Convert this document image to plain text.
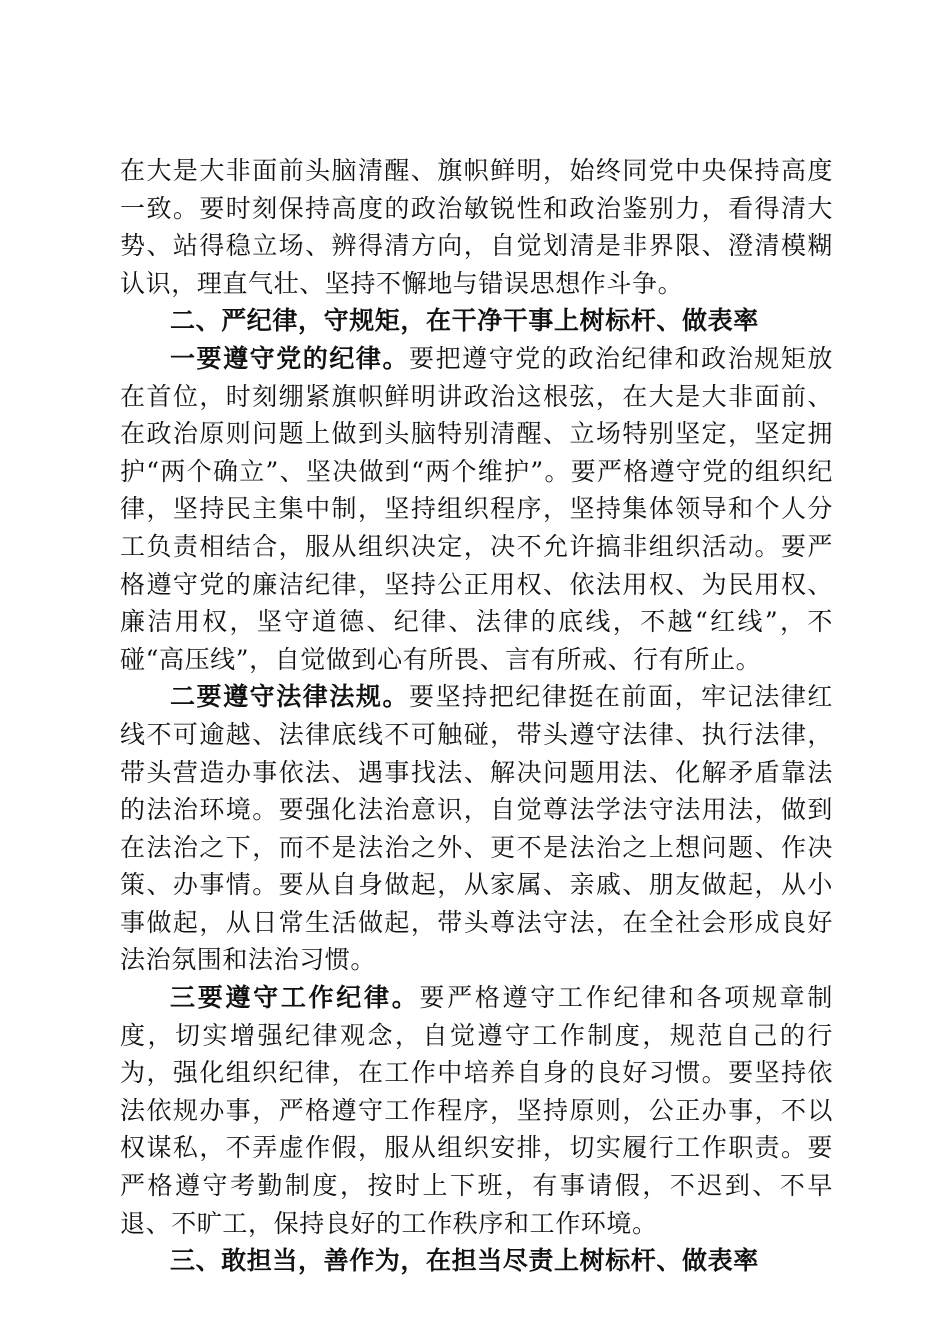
在大是大非面前头脑清醒、旗帜鲜明，始终同党中央保持高度一致。要时刻保持高度的政治敏锐性和政治鉴别力，看得清大势、站得稳立场、辨得清方向，自觉划清是非界限、澄清模糊认识，理直气壮、坚持不懈地与错误思想作斗争。

二、严纪律，守规矩，在干净干事上树标杆、做表率

一要遵守党的纪律。要把遵守党的政治纪律和政治规矩放在首位，时刻绷紧旗帜鲜明讲政治这根弦，在大是大非面前、在政治原则问题上做到头脑特别清醒、立场特别坚定，坚定拥护“两个确立”、坚决做到“两个维护”。要严格遵守党的组织纪律，坚持民主集中制，坚持组织程序，坚持集体领导和个人分工负责相结合，服从组织决定，决不允许搞非组织活动。要严格遵守党的廉洁纪律，坚持公正用权、依法用权、为民用权、廉洁用权，坚守道德、纪律、法律的底线，不越“红线”，不碰“高压线”，自觉做到心有所畏、言有所戒、行有所止。

二要遵守法律法规。要坚持把纪律挺在前面，牢记法律红线不可逾越、法律底线不可触碰，带头遵守法律、执行法律，带头营造办事依法、遇事找法、解决问题用法、化解矛盾靠法的法治环境。要强化法治意识，自觉尊法学法守法用法，做到在法治之下，而不是法治之外、更不是法治之上想问题、作决策、办事情。要从自身做起，从家属、亲戚、朋友做起，从小事做起，从日常生活做起，带头尊法守法，在全社会形成良好法治氛围和法治习惯。

三要遵守工作纪律。要严格遵守工作纪律和各项规章制度，切实增强纪律观念，自觉遵守工作制度，规范自己的行为，强化组织纪律，在工作中培养自身的良好习惯。要坚持依法依规办事，严格遵守工作程序，坚持原则，公正办事，不以权谋私，不弄虚作假，服从组织安排，切实履行工作职责。要严格遵守考勤制度，按时上下班，有事请假，不迟到、不早退、不旷工，保持良好的工作秩序和工作环境。

三、敢担当，善作为，在担当尽责上树标杆、做表率
